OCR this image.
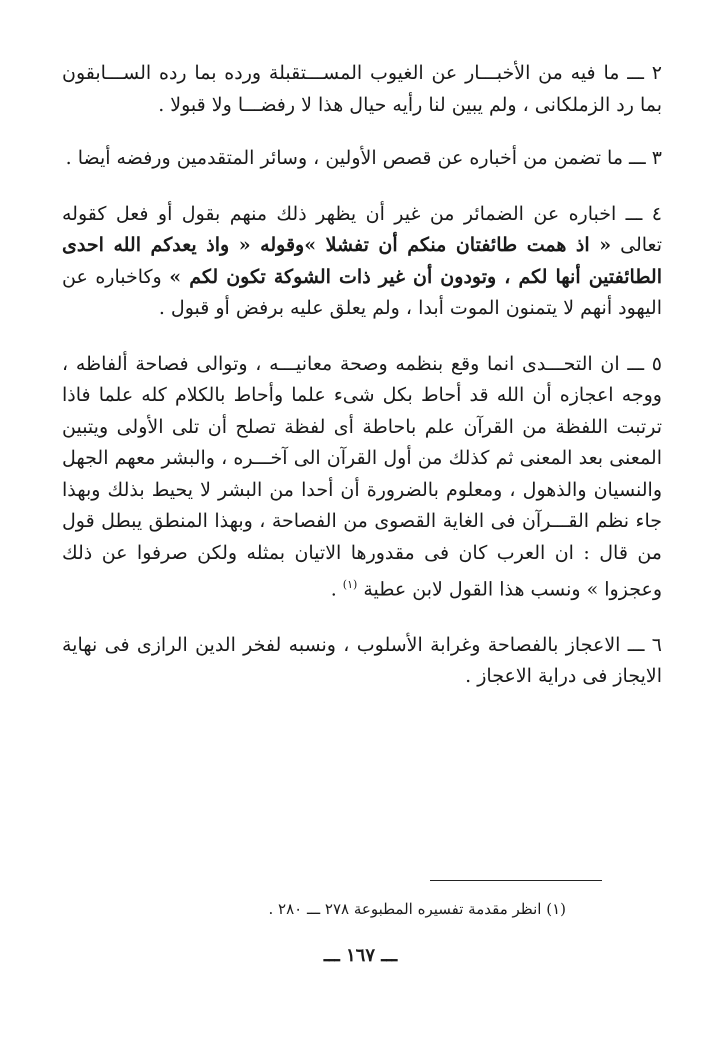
٢ ـــ ما فيه من الأخبـــار عن الغيوب المســـتقبلة ورده بما رده الســـابقون بما رد الزملكانى ، ولم يبين لنا رأيه حيال هذا لا رفضـــا ولا قبولا .

٣ ـــ ما تضمن من أخباره عن قصص الأولين ، وسائر المتقدمين ورفضه أيضا .

٤ ـــ اخباره عن الضمائر من غير أن يظهر ذلك منهم بقول أو فعل كقوله تعالى « اذ همت طائفتان منكم أن تفشلا »وقوله « واذ يعدكم الله احدى الطائفتين أنها لكم ، وتودون أن غير ذات الشوكة تكون لكم » وكاخباره عن اليهود أنهم لا يتمنون الموت أبدا ، ولم يعلق عليه برفض أو قبول .

٥ ـــ ان التحـــدى انما وقع بنظمه وصحة معانيـــه ، وتوالى فصاحة ألفاظه ، ووجه اعجازه أن الله قد أحاط بكل شىء علما وأحاط بالكلام كله علما فاذا ترتبت اللفظة من القرآن علم باحاطة أى لفظة تصلح أن تلى الأولى ويتبين المعنى بعد المعنى ثم كذلك من أول القرآن الى آخـــره ، والبشر معهم الجهل والنسيان والذهول ، ومعلوم بالضرورة أن أحدا من البشر لا يحيط بذلك وبهذا جاء نظم القـــرآن فى الغاية القصوى من الفصاحة ، وبهذا المنطق يبطل قول من قال : ان العرب كان فى مقدورها الاتيان بمثله ولكن صرفوا عن ذلك وعجزوا » ونسب هذا القول لابن عطية $^{(١)}$ .

٦ ـــ الاعجاز بالفصاحة وغرابة الأسلوب ، ونسبه لفخر الدين الرازى فى نهاية الايجاز فى دراية الاعجاز .

(١) انظر مقدمة تفسيره المطبوعة ٢٧٨ ـــ ٢٨٠ .
ـــ ١٦٧ ـــ
